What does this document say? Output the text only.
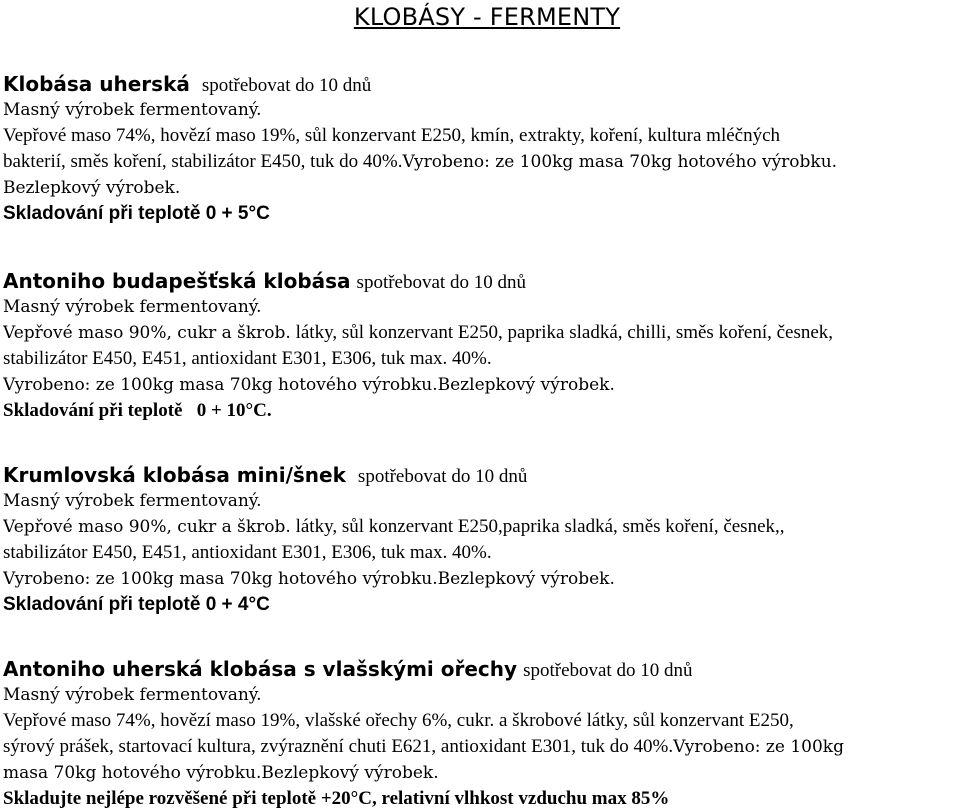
KLOBÁSY - FERMENTY
Klobása uherská spotřebovat do 10 dnů
Masný výrobek fermentovaný.
Vepřové maso 74%, hovězí maso 19%, sůl konzervant E250, kmín, extrakty, koření, kultura mléčných
bakterií, směs koření, stabilizátor E450, tuk do 40%.Vyrobeno: ze 100kg masa 70kg hotového výrobku.
Bezlepkový výrobek.
Skladování při teplotě 0 + 5°C
Antoniho budapešťská klobása spotřebovat do 10 dnů
Masný výrobek fermentovaný.
Vepřové maso 90%, cukr a škrob. látky, sůl konzervant E250, paprika sladká, chilli, směs koření, česnek,
stabilizátor E450, E451, antioxidant E301, E306, tuk max. 40%.
Vyrobeno: ze 100kg masa 70kg hotového výrobku.Bezlepkový výrobek.
Skladování při teplotě   0 + 10°C.
Krumlovská klobása mini/šnek spotřebovat do 10 dnů
Masný výrobek fermentovaný.
Vepřové maso 90%, cukr a škrob. látky, sůl konzervant E250,paprika sladká, směs koření, česnek,,
stabilizátor E450, E451, antioxidant E301, E306, tuk max. 40%.
Vyrobeno: ze 100kg masa 70kg hotového výrobku.Bezlepkový výrobek.
Skladování při teplotě 0 + 4°C
Antoniho uherská klobása s vlašskými ořechy spotřebovat do 10 dnů
Masný výrobek fermentovaný.
Vepřové maso 74%, hovězí maso 19%, vlašské ořechy 6%, cukr. a škrobové látky, sůl konzervant E250,
sýrový prášek, startovací kultura, zvýraznění chuti E621, antioxidant E301, tuk do 40%.Vyrobeno: ze 100kg
masa 70kg hotového výrobku.Bezlepkový výrobek.
Skladujte nejlépe rozvěšené při teplotě +20°C, relativní vlhkost vzduchu max 85%
